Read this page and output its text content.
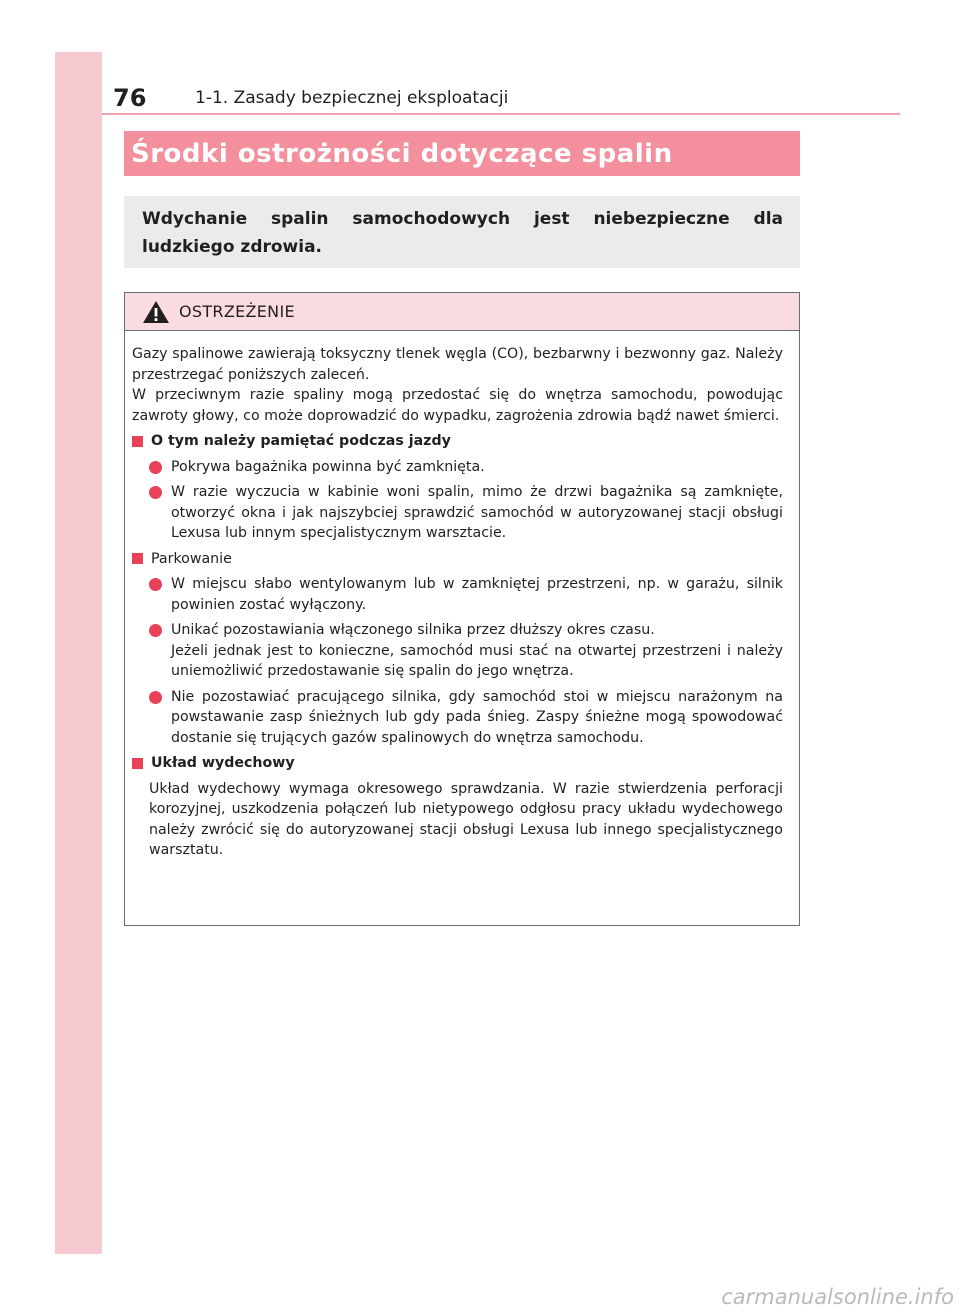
76	1-1. Zasady bezpiecznej eksploatacji
Środki ostrożności dotyczące spalin
Wdychanie spalin samochodowych jest niebezpieczne dla ludzkiego zdrowia.
OSTRZEŻENIE

Gazy spalinowe zawierają toksyczny tlenek węgla (CO), bezbarwny i bezwonny gaz. Należy przestrzegać poniższych zaleceń.

W przeciwnym razie spaliny mogą przedostać się do wnętrza samochodu, powodując zawroty głowy, co może doprowadzić do wypadku, zagrożenia zdrowia bądź nawet śmierci.

O tym należy pamiętać podczas jazdy
Pokrywa bagażnika powinna być zamknięta.
W razie wyczucia w kabinie woni spalin, mimo że drzwi bagażnika są zamknięte, otworzyć okna i jak najszybciej sprawdzić samochód w autoryzowanej stacji obsługi Lexusa lub innym specjalistycznym warsztacie.
Parkowanie
W miejscu słabo wentylowanym lub w zamkniętej przestrzeni, np. w garażu, silnik powinien zostać wyłączony.
Unikać pozostawiania włączonego silnika przez dłuższy okres czasu.
Jeżeli jednak jest to konieczne, samochód musi stać na otwartej przestrzeni i należy uniemożliwić przedostawanie się spalin do jego wnętrza.
Nie pozostawiać pracującego silnika, gdy samochód stoi w miejscu narażonym na powstawanie zasp śnieżnych lub gdy pada śnieg. Zaspy śnieżne mogą spowodować dostanie się trujących gazów spalinowych do wnętrza samochodu.
Układ wydechowy
Układ wydechowy wymaga okresowego sprawdzania. W razie stwierdzenia perforacji korozyjnej, uszkodzenia połączeń lub nietypowego odgłosu pracy układu wydechowego należy zwrócić się do autoryzowanej stacji obsługi Lexusa lub innego specjalistycznego warsztatu.
carmanualsonline.info
